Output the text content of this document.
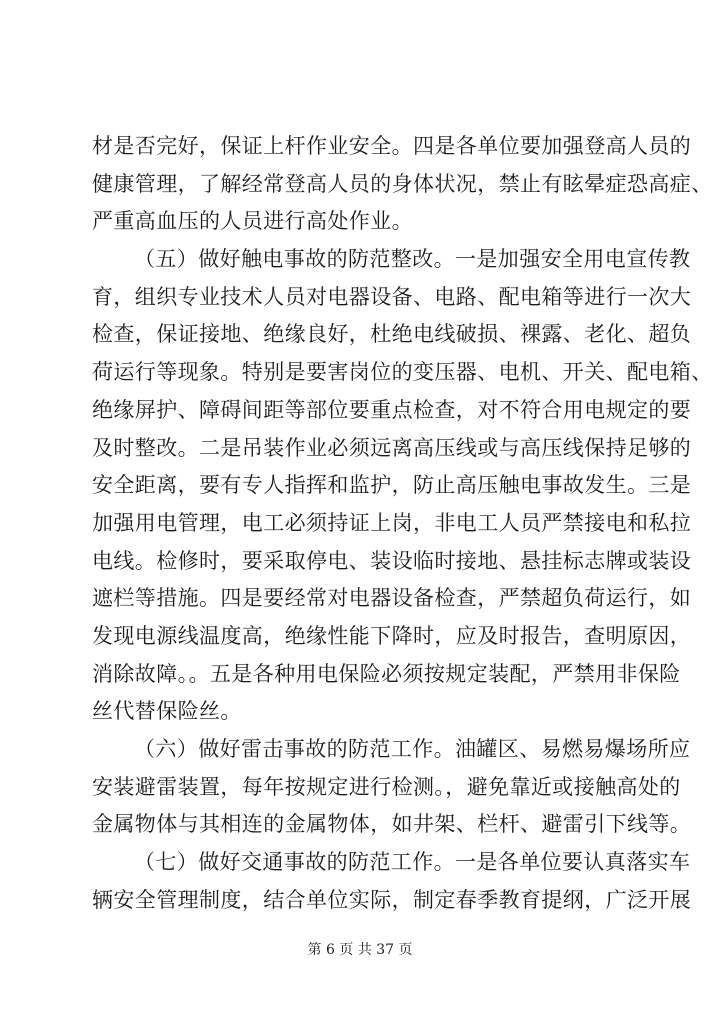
材是否完好，保证上杆作业安全。四是各单位要加强登高人员的
健康管理，了解经常登高人员的身体状况，禁止有眩晕症恐高症、
严重高血压的人员进行高处作业。
（五）做好触电事故的防范整改。一是加强安全用电宣传教
育，组织专业技术人员对电器设备、电路、配电箱等进行一次大
检查，保证接地、绝缘良好，杜绝电线破损、裸露、老化、超负
荷运行等现象。特别是要害岗位的变压器、电机、开关、配电箱、
绝缘屏护、障碍间距等部位要重点检查，对不符合用电规定的要
及时整改。二是吊装作业必须远离高压线或与高压线保持足够的
安全距离，要有专人指挥和监护，防止高压触电事故发生。三是
加强用电管理，电工必须持证上岗，非电工人员严禁接电和私拉
电线。检修时，要采取停电、装设临时接地、悬挂标志牌或装设
遮栏等措施。四是要经常对电器设备检查，严禁超负荷运行，如
发现电源线温度高，绝缘性能下降时，应及时报告，查明原因，
消除故障。。五是各种用电保险必须按规定装配，严禁用非保险
丝代替保险丝。
（六）做好雷击事故的防范工作。油罐区、易燃易爆场所应
安装避雷装置，每年按规定进行检测。，避免靠近或接触高处的
金属物体与其相连的金属物体，如井架、栏杆、避雷引下线等。
（七）做好交通事故的防范工作。一是各单位要认真落实车
辆安全管理制度，结合单位实际，制定春季教育提纲，广泛开展
第 6 页 共 37 页
